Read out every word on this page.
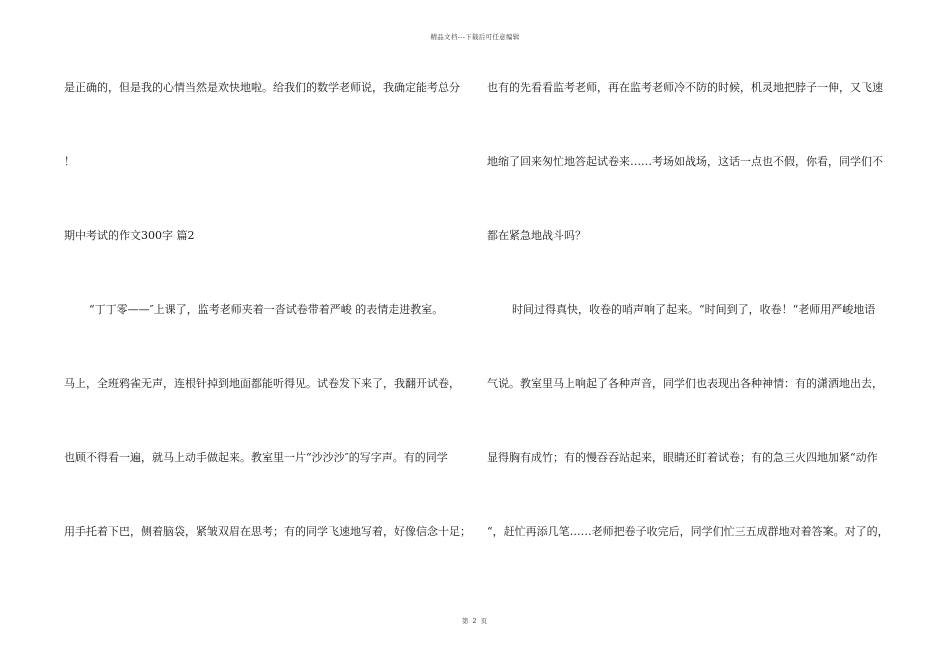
精品文档---下载后可任意编辑
是正确的，但是我的心情当然是欢快地啦。给我们的数学老师说，我确定能考总分
！
期中考试的作文300字 篇2
“丁丁零——″上课了，监考老师夹着一沓试卷带着严峻 的表情走进教室。
马上，全班鸦雀无声，连根针掉到地面都能听得见。试卷发下来了，我翻开试卷，
也顾不得看一遍，就马上动手做起来。教室里一片“沙沙沙″的写字声。有的同学
用手托着下巴，侧着脑袋，紧皱双眉在思考；有的同学飞速地写着，好像信念十足；
也有的先看看监考老师，再在监考老师冷不防的时候，机灵地把脖子一伸，又飞速
地缩了回来匆忙地答起试卷来……考场如战场，这话一点也不假，你看，同学们不
都在紧急地战斗吗？
时间过得真快，收卷的哨声响了起来。“时间到了，收卷！“老师用严峻地语
气说。教室里马上响起了各种声音，同学们也表现出各种神情：有的潇洒地出去，
显得胸有成竹；有的慢吞吞站起来，眼睛还盯着试卷；有的急三火四地加紧“动作
“，赶忙再添几笔……老师把卷子收完后，同学们忙三五成群地对着答案。对了的，
第 2 页
